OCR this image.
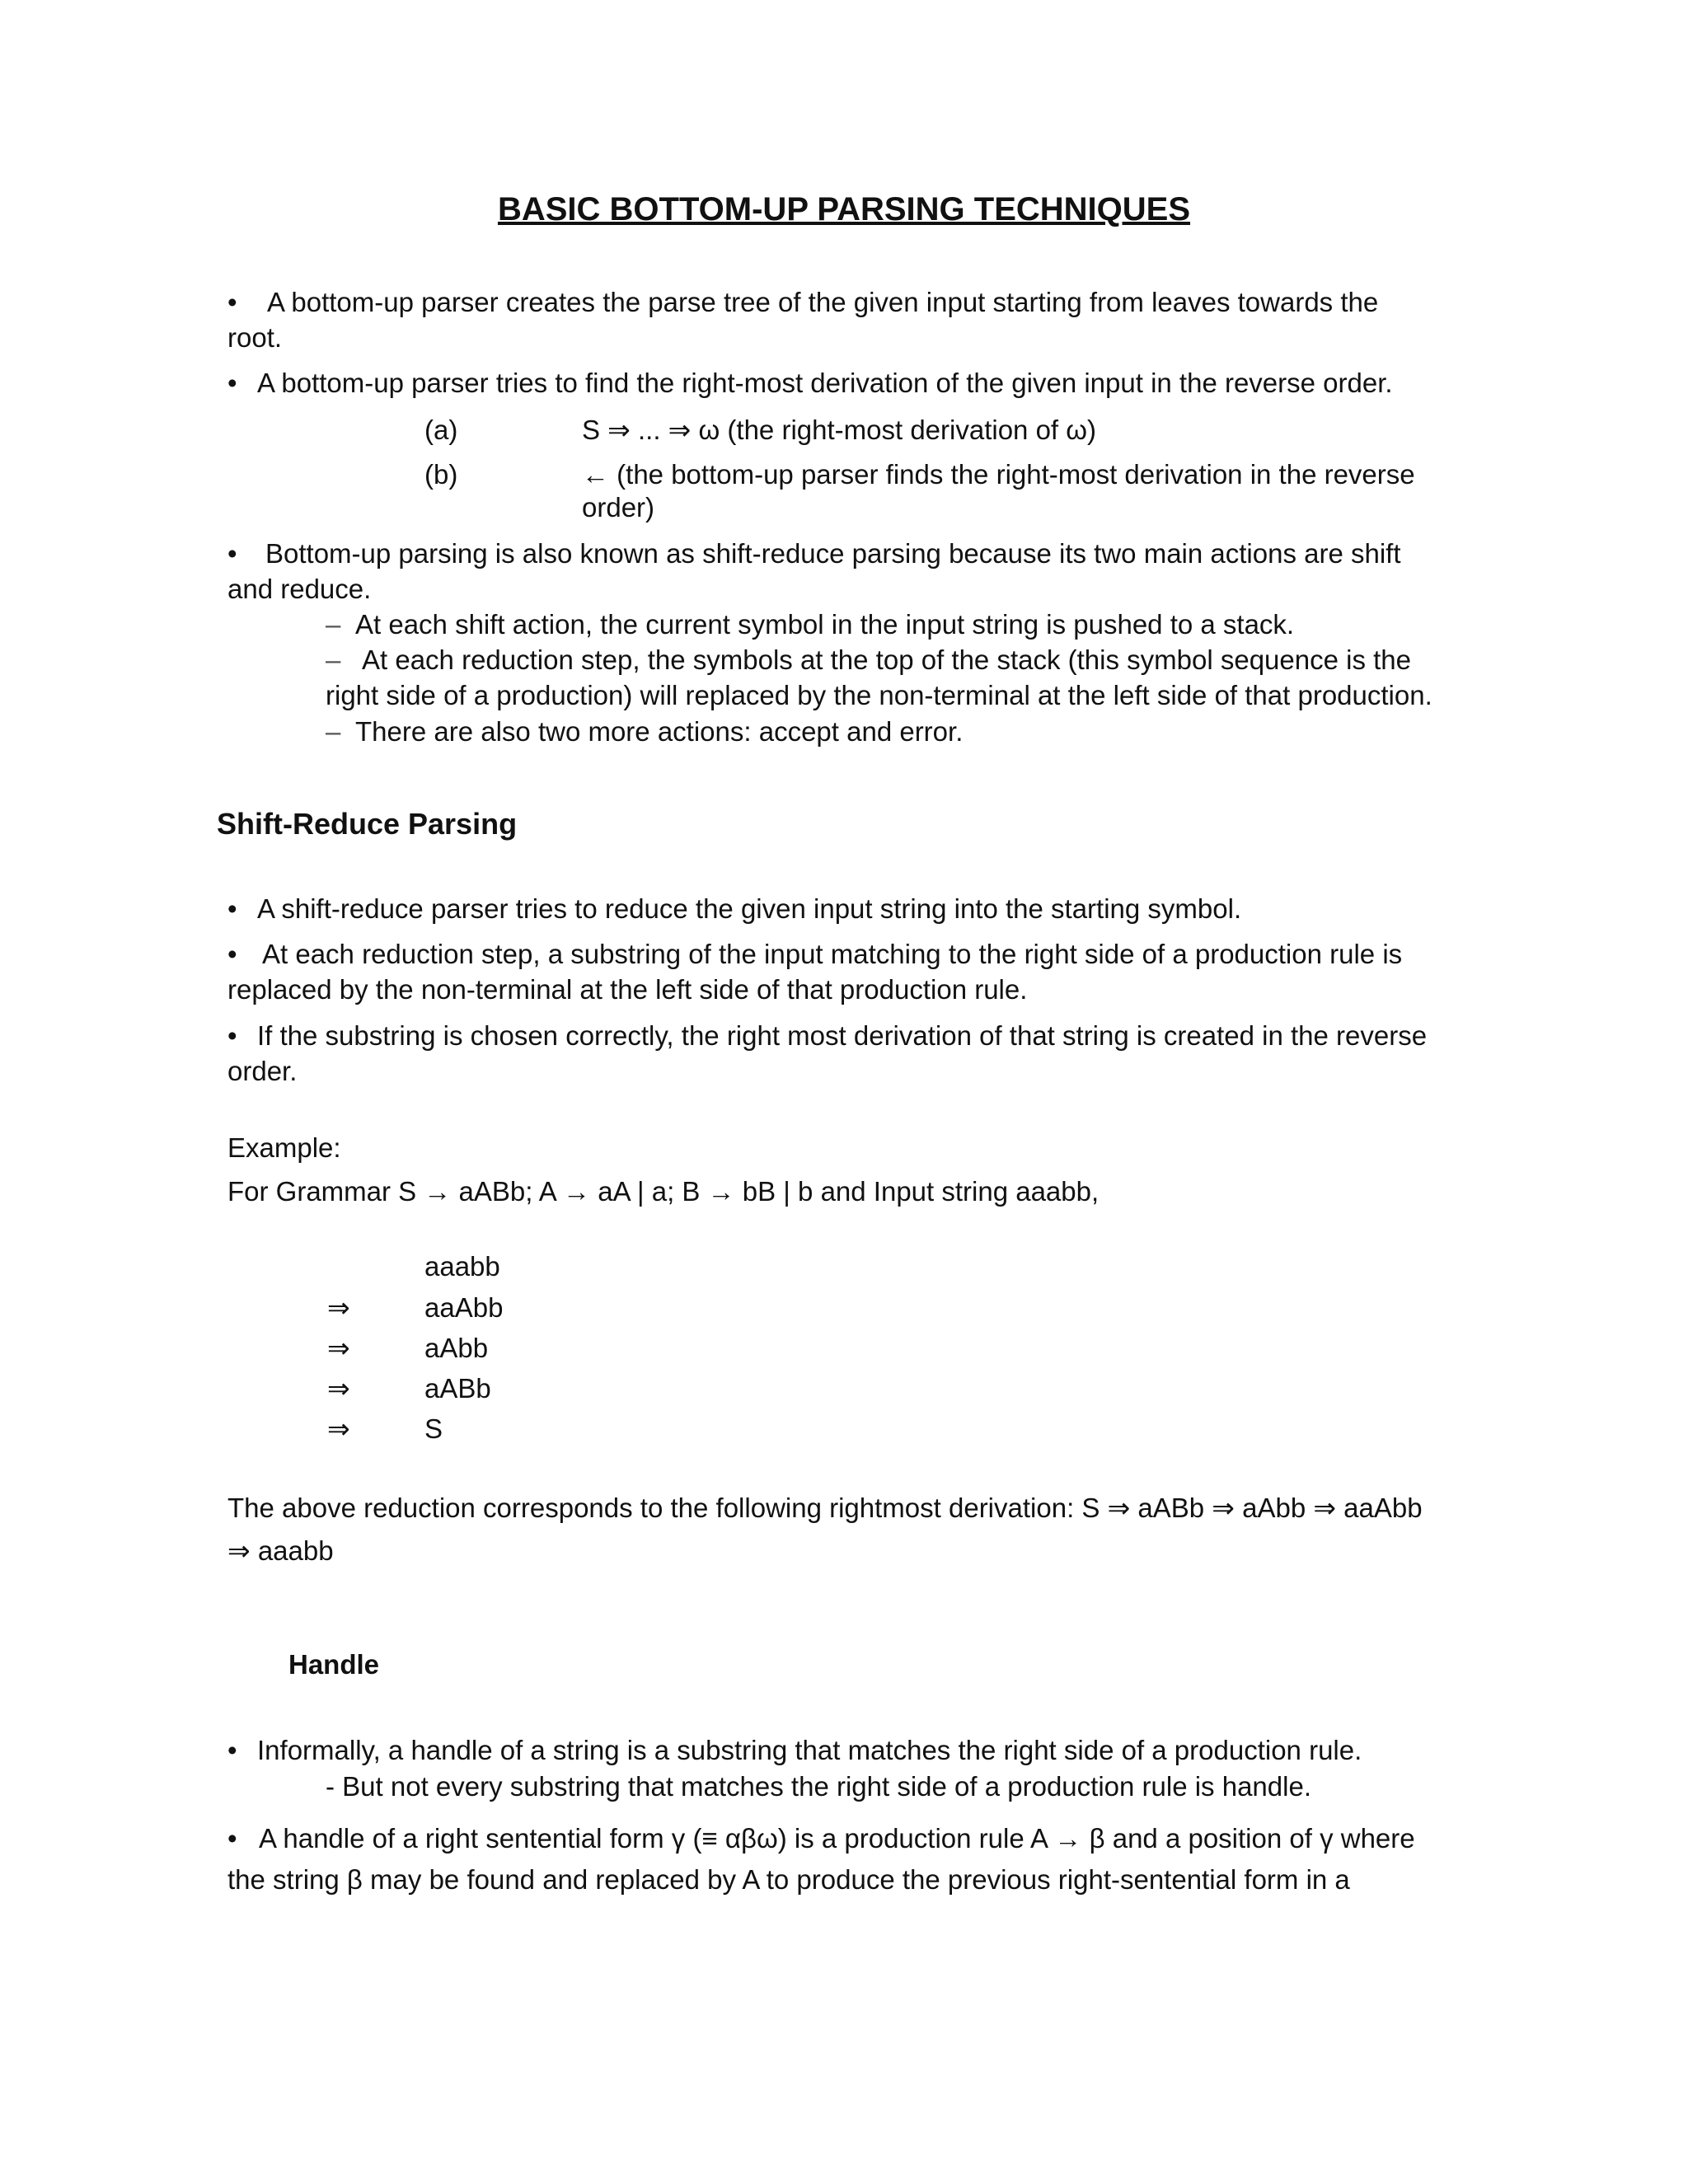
BASIC BOTTOM-UP PARSING TECHNIQUES
• A bottom-up parser creates the parse tree of the given input starting from leaves towards the
root.
• A bottom-up parser tries to find the right-most derivation of the given input in the reverse order.
(a)	S ⇒ ... ⇒ ω (the right-most derivation of ω)
(b)	← (the bottom-up parser finds the right-most derivation in the reverse
order)
• Bottom-up parsing is also known as shift-reduce parsing because its two main actions are shift
and reduce.
– At each shift action, the current symbol in the input string is pushed to a stack.
– At each reduction step, the symbols at the top of the stack (this symbol sequence is the
right side of a production) will replaced by the non-terminal at the left side of that production.
– There are also two more actions: accept and error.
Shift-Reduce Parsing
• A shift-reduce parser tries to reduce the given input string into the starting symbol.
• At each reduction step, a substring of the input matching to the right side of a production rule is
replaced by the non-terminal at the left side of that production rule.
• If the substring is chosen correctly, the right most derivation of that string is created in the reverse
order.
Example:
For Grammar S → aABb; A → aA | a; B → bB | b and Input string aaabb,
aaabb
⇒	aaAbb
⇒	aAbb
⇒	aABb
⇒	S
The above reduction corresponds to the following rightmost derivation: S ⇒ aABb ⇒ aAbb ⇒ aaAbb
⇒ aaabb
Handle
• Informally, a handle of a string is a substring that matches the right side of a production rule.
- But not every substring that matches the right side of a production rule is handle.
• A handle of a right sentential form γ (≡ αβω) is a production rule A → β and a position of γ where
the string β may be found and replaced by A to produce the previous right-sentential form in a
